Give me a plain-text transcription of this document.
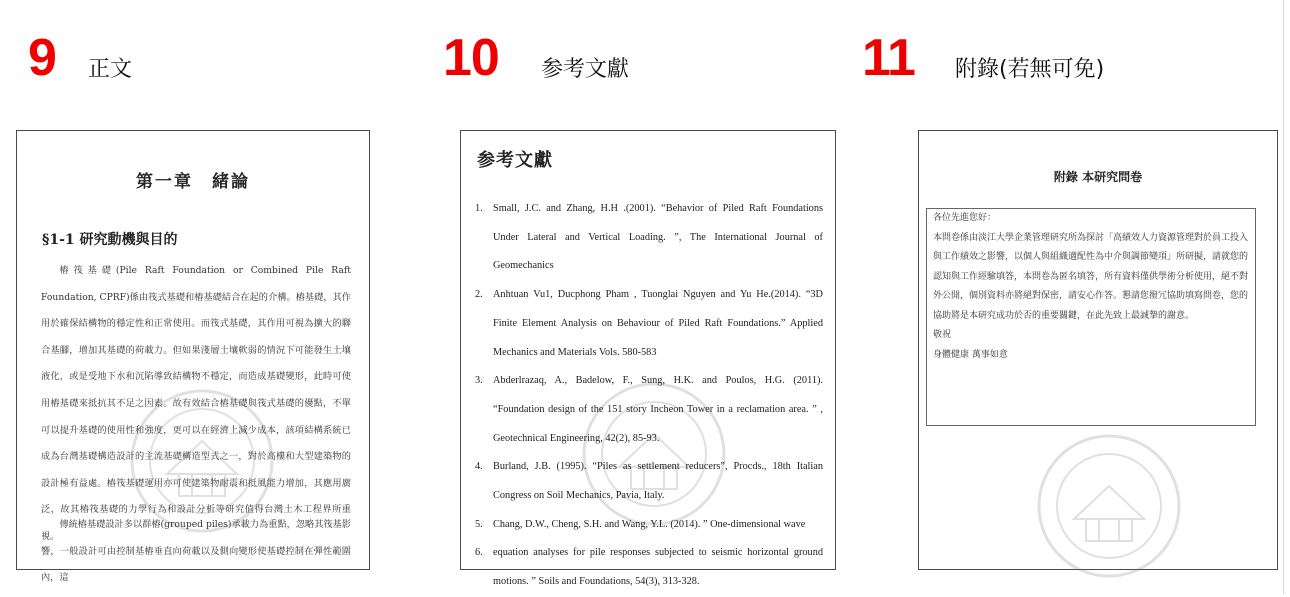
9 正文	10 参考文獻	11 附錄(若無可免)
第一章　緒論
§1-1 研究動機與目的
樁筏基礎(Pile Raft Foundation or Combined Pile Raft Foundation, CPRF)係由筏式基礎和樁基礎結合在起的介構。樁基礎，其作用於確保結構物的穩定性和正常使用。而筏式基礎，其作用可視為擴大的聯合基腳，增加其基礎的荷載力。但如果淺層土壤軟弱的情況下可能發生土壤液化，或是受地下水和沉陷導致結構物不穩定，而造成基礎變形，此時可使用樁基礎來抵抗其不足之因素。故有效結合樁基礎與筏式基礎的優點，不單可以提升基礎的使用性和強度，更可以在經濟上減少成本，該項結構系統已成為台灣基礎構造設計的主流基礎構造型式之一，對於高樓和大型建築物的設計極有益處。樁筏基礎運用亦可使建築物耐震和抵風能力增加，其應用廣泛，故其樁筏基礎的力學行為和設計分析等研究值得台灣土木工程界所重視。
傳統樁基礎設計多以群樁(grouped piles)承載力為重點，忽略其筏基影響，一般設計可由控制基樁垂直向荷載以及側向變形使基礎控制在彈性範圍內，這
参考文獻
1. Small, J.C. and Zhang, H.H .(2001). “Behavior of Piled Raft Foundations Under Lateral and Vertical Loading. ”, The International Journal of Geomechanics
2. Anhtuan Vu1, Ducphong Pham , Tuonglai Nguyen and Yu He.(2014). “3D Finite Element Analysis on Behaviour of Piled Raft Foundations.” Applied Mechanics and Materials Vols. 580-583
3. Abderlrazaq, A., Badelow, F., Sung, H.K. and Poulos, H.G. (2011). “Foundation design of the 151 story Incheon Tower in a reclamation area. ” , Geotechnical Engineering, 42(2), 85-93.
4. Burland, J.B. (1995). “Piles as settlement reducers”, Procds., 18th Italian Congress on Soil Mechanics, Pavia, Italy.
5. Chang, D.W., Cheng, S.H. and Wang, Y.L. (2014). ” One-dimensional wave
6. equation analyses for pile responses subjected to seismic horizontal ground motions. ” Soils and Foundations, 54(3), 313-328.
附錄 本研究問卷

各位先進您好：

本問卷係由淡江大學企業管理研究所為探討「高績效人力資源管理對於員工投入與工作績效之影響，以個人與組織適配性為中介與調節變項」所研擬，請就您的認知與工作經驗填答，本問卷為匿名填答，所有資料僅供學術分析使用，絕不對外公開，個別資料亦將絕對保密，請安心作答。懇請您撥冗協助填寫問卷，您的協助將是本研究成功於否的重要關鍵，在此先致上最誠摯的謝意。

敬祝

身體健康 萬事如意
